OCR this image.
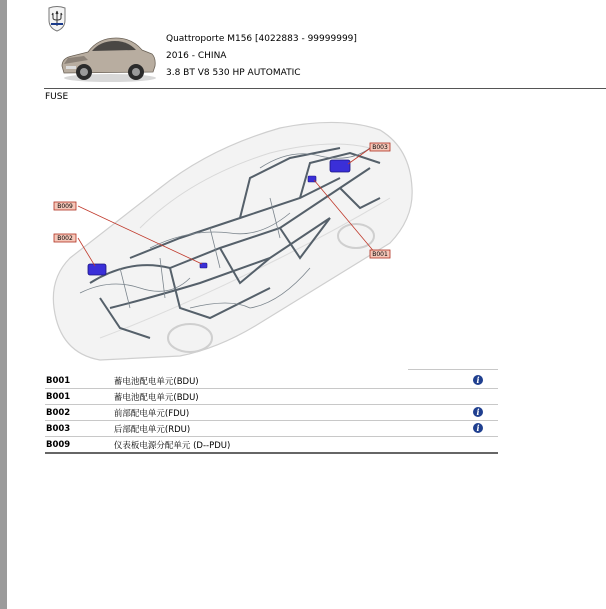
Quattroporte M156 [4022883 - 99999999]
2016 - CHINA
3.8 BT V8 530 HP AUTOMATIC
FUSE
B003
B009
B002
B001
B001	蓄电池配电单元(BDU)	i
B001	蓄电池配电单元(BDU)	
B002	前部配电单元(FDU)	i
B003	后部配电单元(RDU)	i
B009	仪表板电源分配单元 (D--PDU)	
